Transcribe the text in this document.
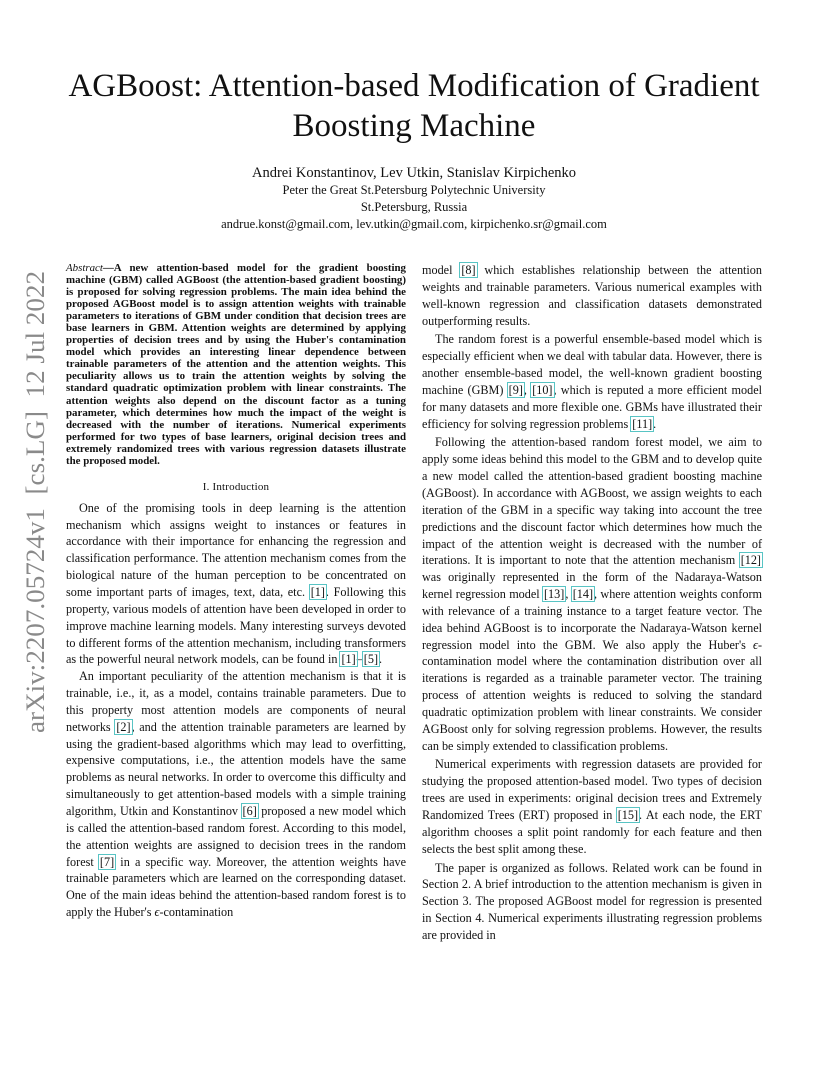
arXiv:2207.05724v1  [cs.LG]  12 Jul 2022
AGBoost: Attention-based Modification of Gradient Boosting Machine
Andrei Konstantinov, Lev Utkin, Stanislav Kirpichenko
Peter the Great St.Petersburg Polytechnic University
St.Petersburg, Russia
andrue.konst@gmail.com, lev.utkin@gmail.com, kirpichenko.sr@gmail.com

Abstract—A new attention-based model for the gradient boosting machine (GBM) called AGBoost (the attention-based gradient boosting) is proposed for solving regression problems. The main idea behind the proposed AGBoost model is to assign attention weights with trainable parameters to iterations of GBM under condition that decision trees are base learners in GBM. Attention weights are determined by applying properties of decision trees and by using the Huber's contamination model which provides an interesting linear dependence between trainable parameters of the attention and the attention weights. This peculiarity allows us to train the attention weights by solving the standard quadratic optimization problem with linear constraints. The attention weights also depend on the discount factor as a tuning parameter, which determines how much the impact of the weight is decreased with the number of iterations. Numerical experiments performed for two types of base learners, original decision trees and extremely randomized trees with various regression datasets illustrate the proposed model.

I. Introduction

One of the promising tools in deep learning is the attention mechanism which assigns weight to instances or features in accordance with their importance for enhancing the regression and classification performance. The attention mechanism comes from the biological nature of the human perception to be concentrated on some important parts of images, text, data, etc. [1]. Following this property, various models of attention have been developed in order to improve machine learning models. Many interesting surveys devoted to different forms of the attention mechanism, including transformers as the powerful neural network models, can be found in [1]–[5].

An important peculiarity of the attention mechanism is that it is trainable, i.e., it, as a model, contains trainable parameters. Due to this property most attention models are components of neural networks [2], and the attention trainable parameters are learned by using the gradient-based algorithms which may lead to overfitting, expensive computations, i.e., the attention models have the same problems as neural networks. In order to overcome this difficulty and simultaneously to get attention-based models with a simple training algorithm, Utkin and Konstantinov [6] proposed a new model which is called the attention-based random forest. According to this model, the attention weights are assigned to decision trees in the random forest [7] in a specific way. Moreover, the attention weights have trainable parameters which are learned on the corresponding dataset. One of the main ideas behind the attention-based random forest is to apply the Huber's ϵ-contamination

model [8] which establishes relationship between the attention weights and trainable parameters. Various numerical examples with well-known regression and classification datasets demonstrated outperforming results.

The random forest is a powerful ensemble-based model which is especially efficient when we deal with tabular data. However, there is another ensemble-based model, the well-known gradient boosting machine (GBM) [9], [10], which is reputed a more efficient model for many datasets and more flexible one. GBMs have illustrated their efficiency for solving regression problems [11].

Following the attention-based random forest model, we aim to apply some ideas behind this model to the GBM and to develop quite a new model called the attention-based gradient boosting machine (AGBoost). In accordance with AGBoost, we assign weights to each iteration of the GBM in a specific way taking into account the tree predictions and the discount factor which determines how much the impact of the attention weight is decreased with the number of iterations. It is important to note that the attention mechanism [12] was originally represented in the form of the Nadaraya-Watson kernel regression model [13], [14], where attention weights conform with relevance of a training instance to a target feature vector. The idea behind AGBoost is to incorporate the Nadaraya-Watson kernel regression model into the GBM. We also apply the Huber's ϵ-contamination model where the contamination distribution over all iterations is regarded as a trainable parameter vector. The training process of attention weights is reduced to solving the standard quadratic optimization problem with linear constraints. We consider AGBoost only for solving regression problems. However, the results can be simply extended to classification problems.

Numerical experiments with regression datasets are provided for studying the proposed attention-based model. Two types of decision trees are used in experiments: original decision trees and Extremely Randomized Trees (ERT) proposed in [15]. At each node, the ERT algorithm chooses a split point randomly for each feature and then selects the best split among these.

The paper is organized as follows. Related work can be found in Section 2. A brief introduction to the attention mechanism is given in Section 3. The proposed AGBoost model for regression is presented in Section 4. Numerical experiments illustrating regression problems are provided in
